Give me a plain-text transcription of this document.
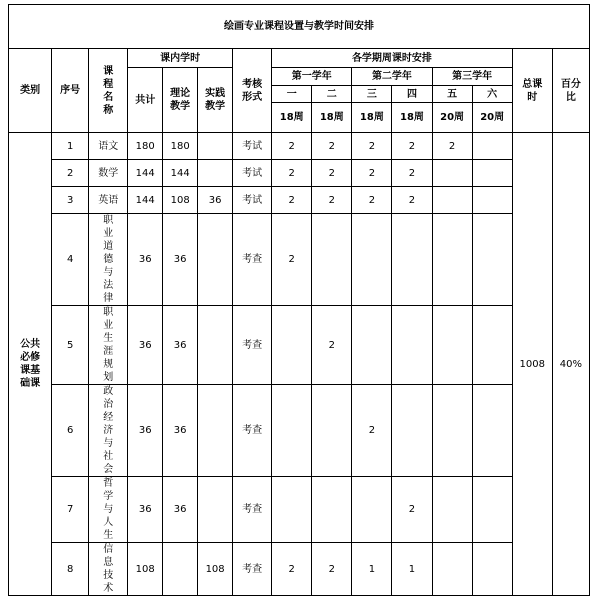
绘画专业课程设置与教学时间安排														
类别	序号	课程名称	课内学时			考核形式	各学期周课时安排						总课时	百分比
			共计	理论教学	实践教学		第一学年		第二学年		第三学年			
							一	二	三	四	五	六		
							18周	18周	18周	18周	20周	20周		
公共必修课基础课	1	语文	180	180		考试	2	2	2	2	2		1008	40%
	2	数学	144	144		考试	2	2	2	2				
	3	英语	144	108	36	考试	2	2	2	2				
	4	职业道德与法律	36	36		考查	2							
	5	职业生涯规划	36	36		考查		2						
	6	政治经济与社会	36	36		考查			2					
	7	哲学与人生	36	36		考查				2				
	8	信息技术	108		108	考查	2	2	1	1				
